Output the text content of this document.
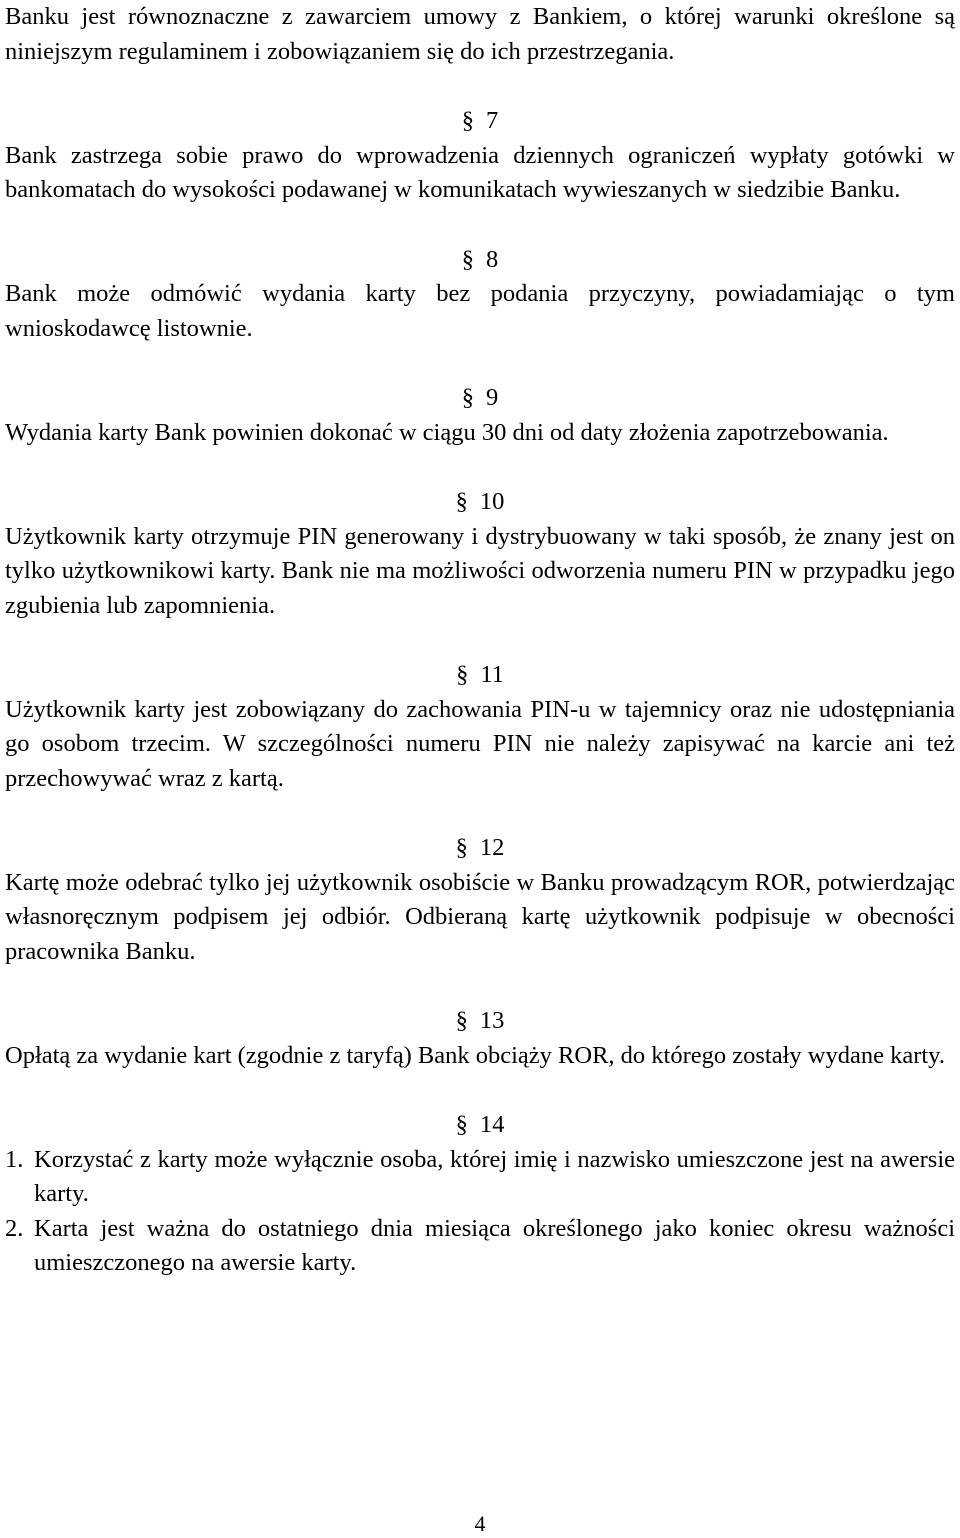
Banku jest równoznaczne z zawarciem umowy z Bankiem, o której warunki określone są niniejszym regulaminem i zobowiązaniem się do ich przestrzegania.

§ 7

Bank zastrzega sobie prawo do wprowadzenia dziennych ograniczeń wypłaty gotówki w bankomatach do wysokości podawanej w komunikatach wywieszanych w siedzibie Banku.

§ 8

Bank może odmówić wydania karty bez podania przyczyny, powiadamiając o tym wnioskodawcę listownie.

§ 9

Wydania karty Bank powinien dokonać w ciągu 30 dni od daty złożenia zapotrzebowania.

§ 10

Użytkownik karty otrzymuje PIN generowany i dystrybuowany w taki sposób, że znany jest on tylko użytkownikowi karty. Bank nie ma możliwości odworzenia numeru PIN w przypadku jego zgubienia lub zapomnienia.

§ 11

Użytkownik karty jest zobowiązany do zachowania PIN-u w tajemnicy oraz nie udostępniania go osobom trzecim. W szczególności numeru PIN nie należy zapisywać na karcie ani też przechowywać wraz z kartą.

§ 12

Kartę może odebrać tylko jej użytkownik osobiście w Banku prowadzącym ROR, potwierdzając własnoręcznym podpisem jej odbiór. Odbieraną kartę użytkownik podpisuje w obecności pracownika Banku.

§ 13

Opłatą za wydanie kart (zgodnie z taryfą) Bank obciąży ROR, do którego zostały wydane karty.

§ 14
1. Korzystać z karty może wyłącznie osoba, której imię i nazwisko umieszczone jest na awersie karty.
2. Karta jest ważna do ostatniego dnia miesiąca określonego jako koniec okresu ważności umieszczonego na awersie karty.
4
